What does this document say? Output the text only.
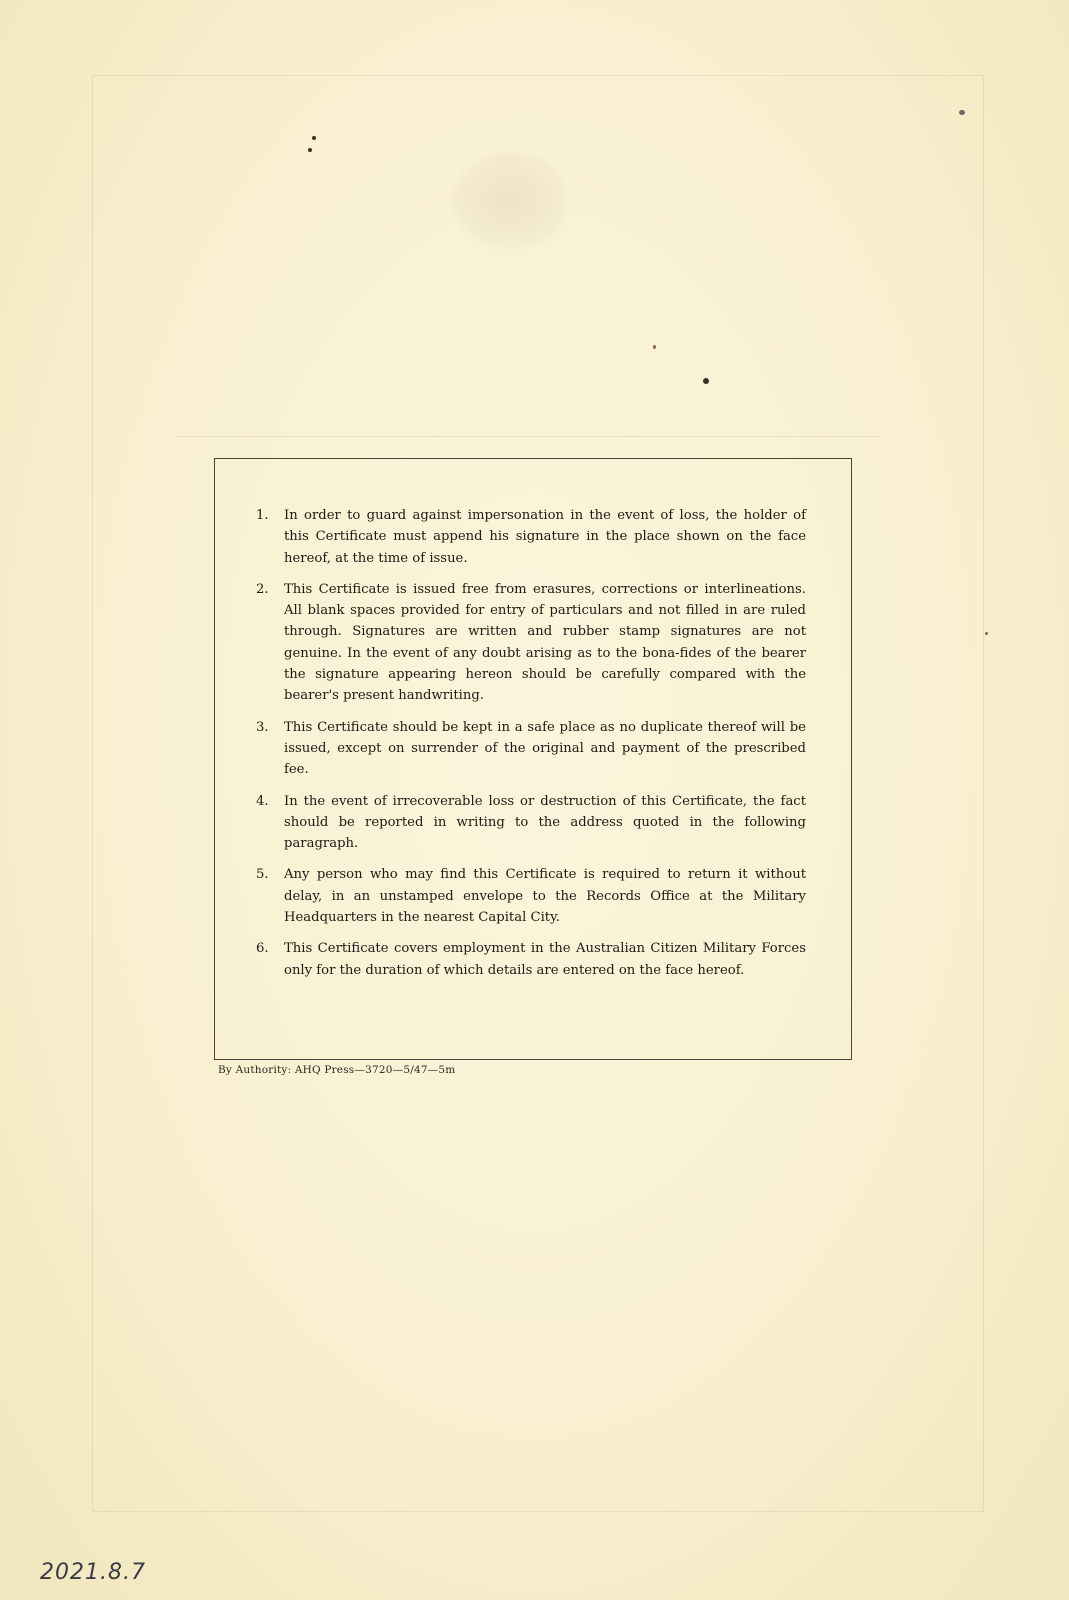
1.	In order to guard against impersonation in the event of loss, the holder of this Certificate must append his signature in the place shown on the face hereof, at the time of issue.
2.	This Certificate is issued free from erasures, corrections or interlineations. All blank spaces provided for entry of particulars and not filled in are ruled through. Signatures are written and rubber stamp signatures are not genuine. In the event of any doubt arising as to the bona-fides of the bearer the signature appearing hereon should be carefully compared with the bearer's present handwriting.
3.	This Certificate should be kept in a safe place as no duplicate thereof will be issued, except on surrender of the original and payment of the prescribed fee.
4.	In the event of irrecoverable loss or destruction of this Certificate, the fact should be reported in writing to the address quoted in the following paragraph.
5.	Any person who may find this Certificate is required to return it without delay, in an unstamped envelope to the Records Office at the Military Headquarters in the nearest Capital City.
6.	This Certificate covers employment in the Australian Citizen Military Forces only for the duration of which details are entered on the face hereof.
By Authority: AHQ Press—3720—5/47—5m
2021.8.7
